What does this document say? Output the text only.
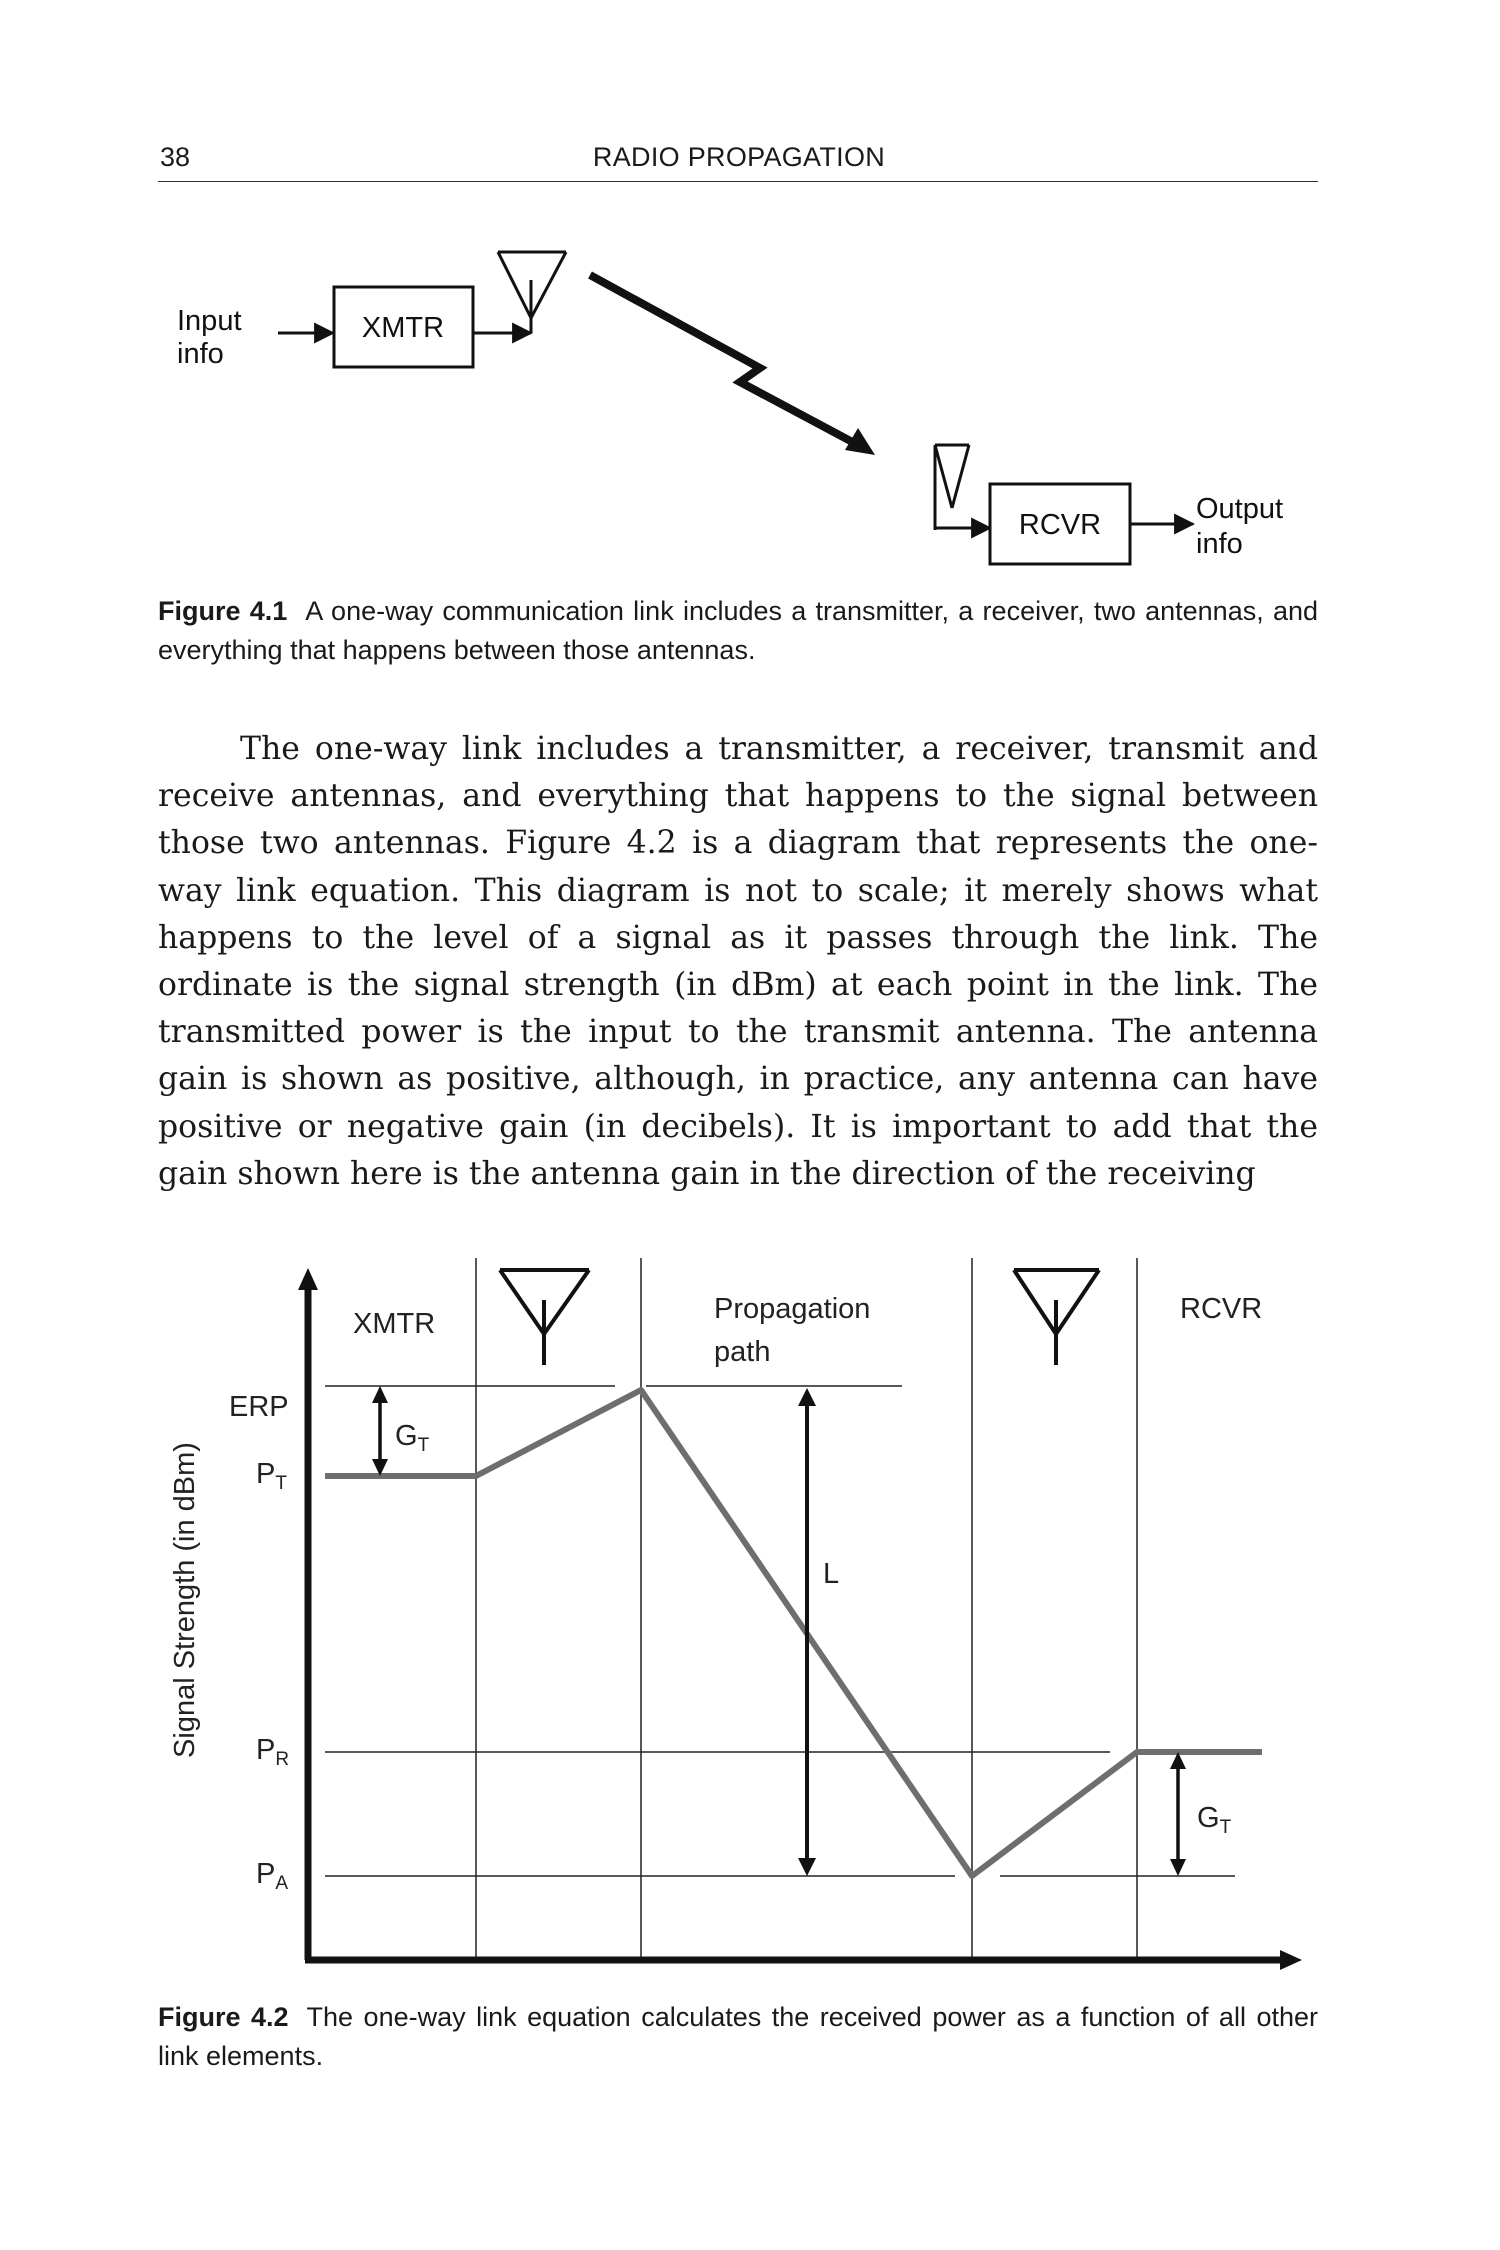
38	RADIO PROPAGATION
Input
info
XMTR
RCVR	Output
info
Figure 4.1 A one-way communication link includes a transmitter, a receiver, two antennas, and everything that happens between those antennas.

The one-way link includes a transmitter, a receiver, transmit and receive antennas, and everything that happens to the signal between those two antennas. Figure 4.2 is a diagram that represents the one-way link equation. This diagram is not to scale; it merely shows what happens to the level of a signal as it passes through the link. The ordinate is the signal strength (in dBm) at each point in the link. The transmitted power is the input to the transmit antenna. The antenna gain is shown as positive, although, in practice, any antenna can have positive or negative gain (in decibels). It is important to add that the gain shown here is the antenna gain in the direction of the receiving

XMTR	Propagation
path
RCVR
ERP
$P_T$
$P_R$
$P_A$
$G_T$
L
$G_T$
Signal Strength (in dBm)
Figure 4.2 The one-way link equation calculates the received power as a function of all other link elements.
